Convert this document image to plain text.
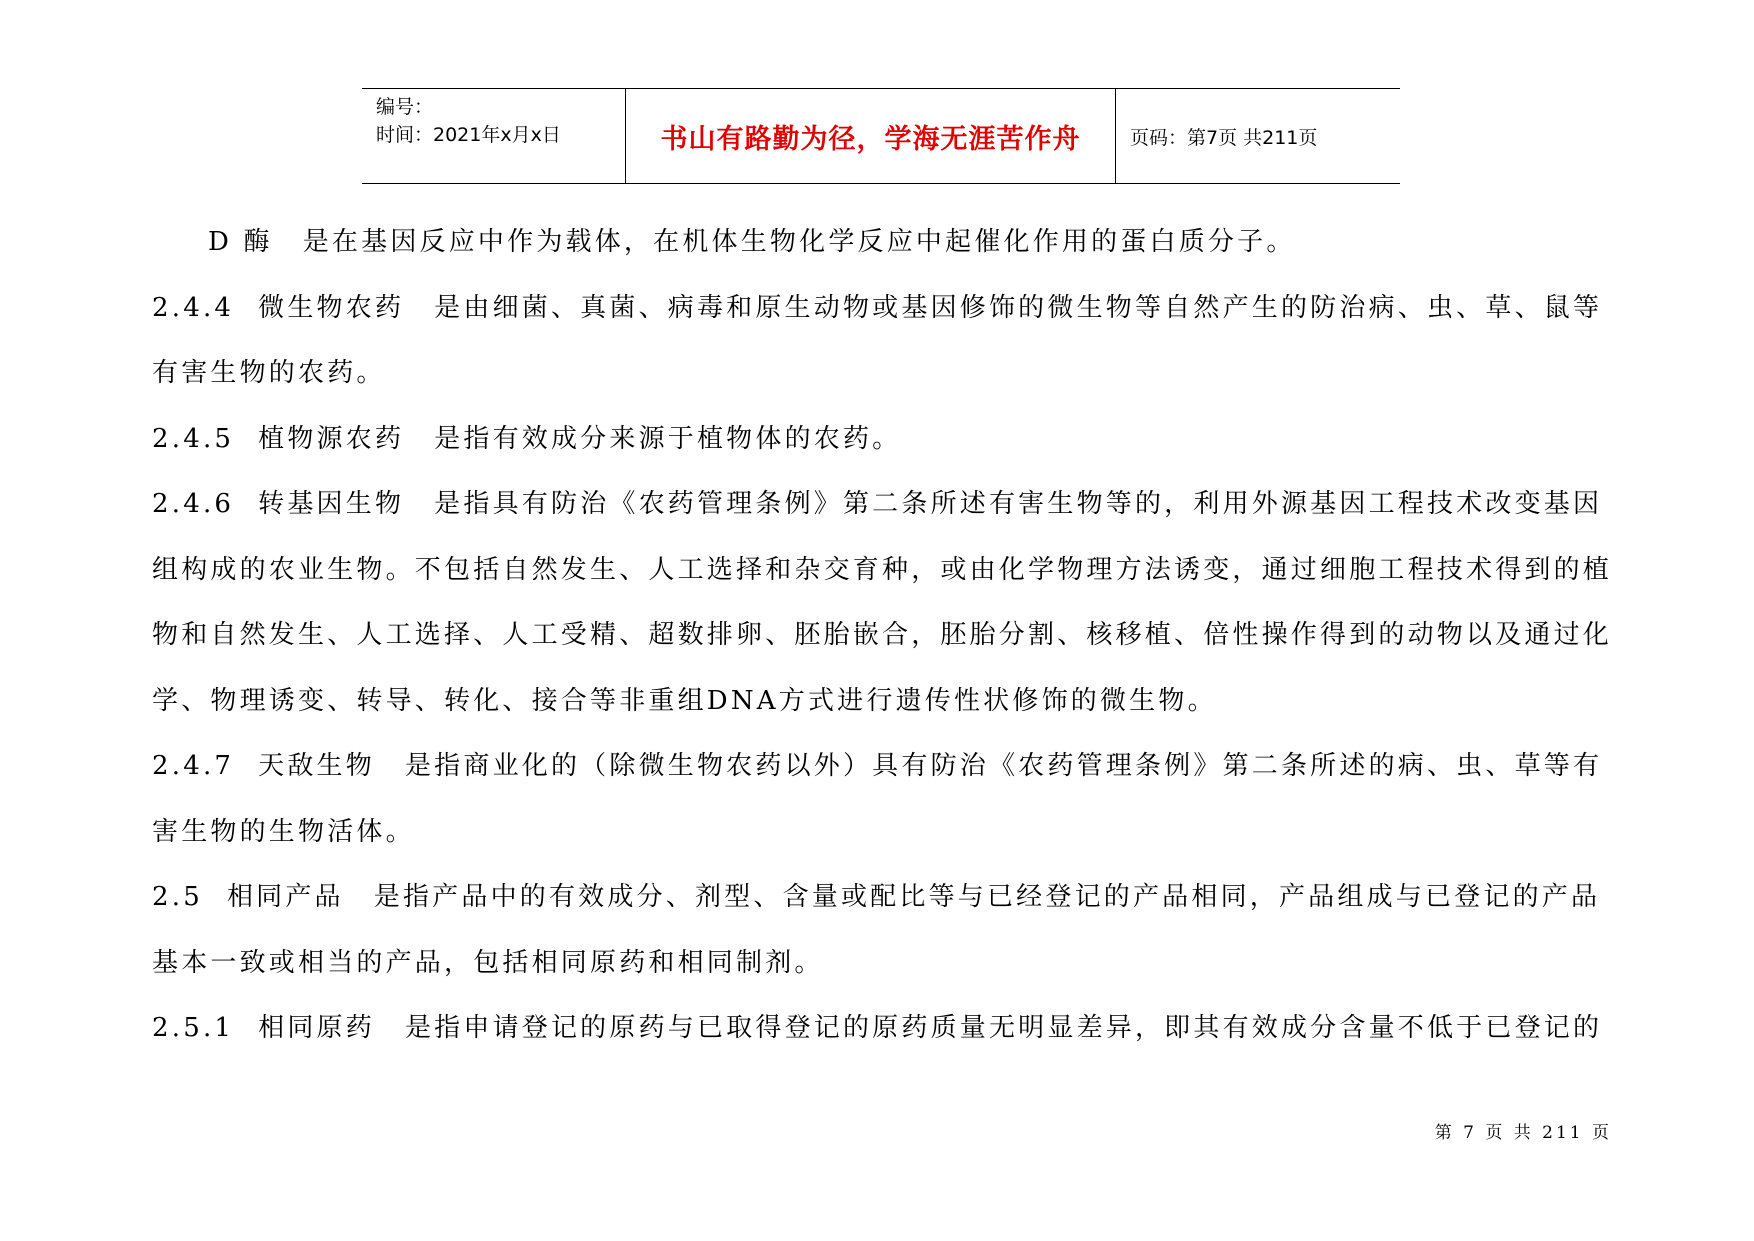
编号：
时间：2021年x月x日	书山有路勤为径，学海无涯苦作舟	页码：第7页 共211页

D 酶 是在基因反应中作为载体，在机体生物化学反应中起催化作用的蛋白质分子。

2.4.4 微生物农药 是由细菌、真菌、病毒和原生动物或基因修饰的微生物等自然产生的防治病、虫、草、鼠等有害生物的农药。

2.4.5 植物源农药 是指有效成分来源于植物体的农药。

2.4.6 转基因生物 是指具有防治《农药管理条例》第二条所述有害生物等的，利用外源基因工程技术改变基因组构成的农业生物。不包括自然发生、人工选择和杂交育种，或由化学物理方法诱变，通过细胞工程技术得到的植物和自然发生、人工选择、人工受精、超数排卵、胚胎嵌合，胚胎分割、核移植、倍性操作得到的动物以及通过化学、物理诱变、转导、转化、接合等非重组DNA方式进行遗传性状修饰的微生物。

2.4.7 天敌生物 是指商业化的（除微生物农药以外）具有防治《农药管理条例》第二条所述的病、虫、草等有害生物的生物活体。

2.5 相同产品 是指产品中的有效成分、剂型、含量或配比等与已经登记的产品相同，产品组成与已登记的产品基本一致或相当的产品，包括相同原药和相同制剂。

2.5.1 相同原药 是指申请登记的原药与已取得登记的原药质量无明显差异，即其有效成分含量不低于已登记的

第 7 页 共 211 页
